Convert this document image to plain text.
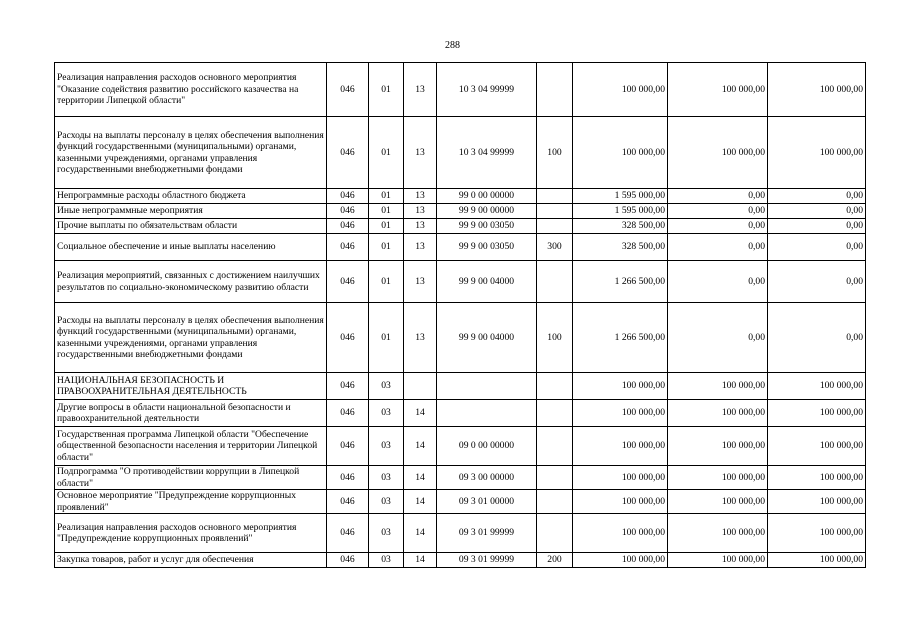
288
Реализация направления расходов основного мероприятия "Оказание содействия развитию российского казачества на территории Липецкой области"	046	01	13	10 3 04 99999		100 000,00	100 000,00	100 000,00
Расходы на выплаты персоналу в целях обеспечения выполнения функций государственными (муниципальными) органами, казенными учреждениями, органами управления государственными внебюджетными фондами	046	01	13	10 3 04 99999	100	100 000,00	100 000,00	100 000,00
Непрограммные расходы областного бюджета	046	01	13	99 0 00 00000		1 595 000,00	0,00	0,00
Иные непрограммные мероприятия	046	01	13	99 9 00 00000		1 595 000,00	0,00	0,00
Прочие выплаты по обязательствам области	046	01	13	99 9 00 03050		328 500,00	0,00	0,00
Социальное обеспечение и иные выплаты населению	046	01	13	99 9 00 03050	300	328 500,00	0,00	0,00
Реализация мероприятий, связанных с достижением наилучших результатов по социально-экономическому развитию области	046	01	13	99 9 00 04000		1 266 500,00	0,00	0,00
Расходы на выплаты персоналу в целях обеспечения выполнения функций государственными (муниципальными) органами, казенными учреждениями, органами управления государственными внебюджетными фондами	046	01	13	99 9 00 04000	100	1 266 500,00	0,00	0,00
НАЦИОНАЛЬНАЯ БЕЗОПАСНОСТЬ И ПРАВООХРАНИТЕЛЬНАЯ ДЕЯТЕЛЬНОСТЬ	046	03				100 000,00	100 000,00	100 000,00
Другие вопросы в области национальной безопасности и правоохранительной деятельности	046	03	14			100 000,00	100 000,00	100 000,00
Государственная программа Липецкой области "Обеспечение общественной безопасности населения и территории Липецкой области"	046	03	14	09 0 00 00000		100 000,00	100 000,00	100 000,00
Подпрограмма "О противодействии коррупции в Липецкой области"	046	03	14	09 3 00 00000		100 000,00	100 000,00	100 000,00
Основное мероприятие "Предупреждение коррупционных проявлений"	046	03	14	09 3 01 00000		100 000,00	100 000,00	100 000,00
Реализация направления расходов основного мероприятия "Предупреждение коррупционных проявлений"	046	03	14	09 3 01 99999		100 000,00	100 000,00	100 000,00
Закупка товаров, работ и услуг для обеспечения	046	03	14	09 3 01 99999	200	100 000,00	100 000,00	100 000,00
